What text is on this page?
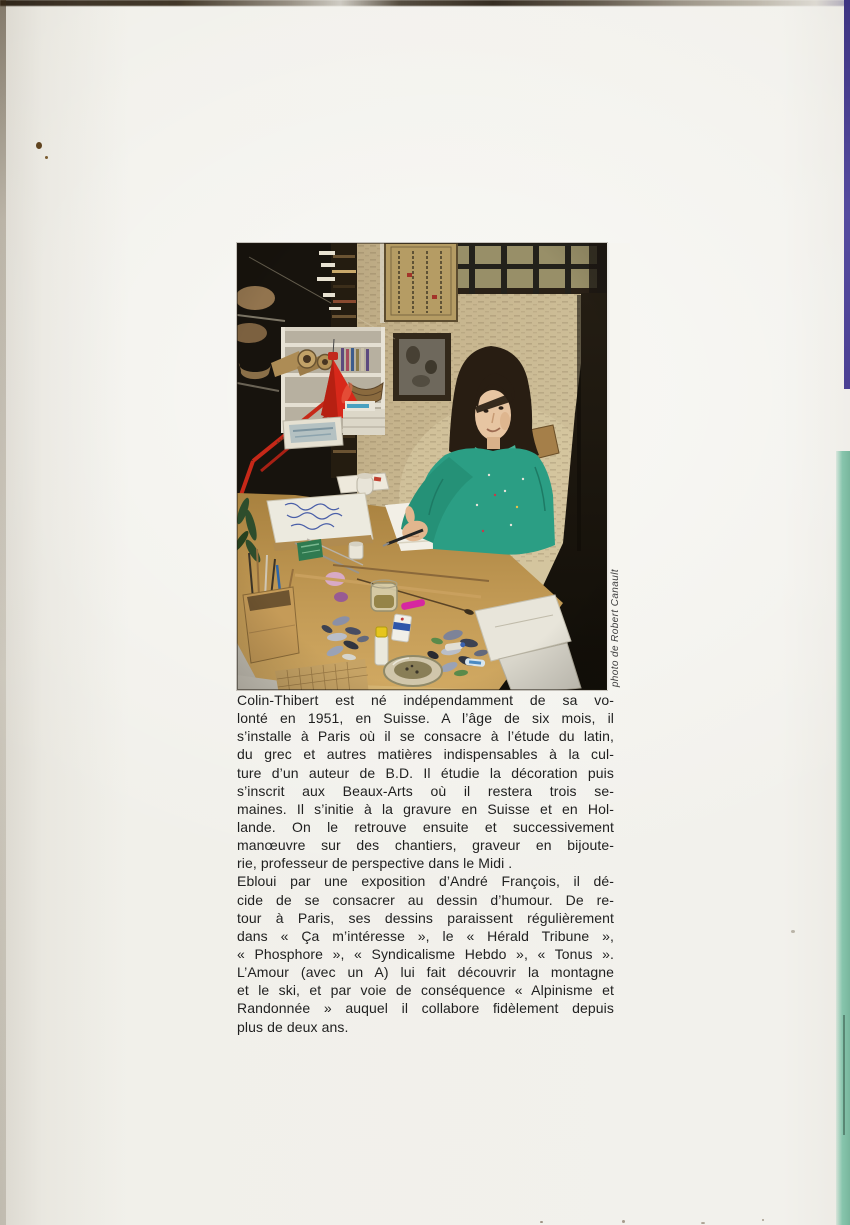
photo de Robert Canault
Colin-Thibert est né indépendamment de sa vo-
lonté en 1951, en Suisse. A l’âge de six mois, il
s’installe à Paris où il se consacre à l’étude du latin,
du grec et autres matières indispensables à la cul-
ture d’un auteur de B.D. Il étudie la décoration puis
s’inscrit aux Beaux-Arts où il restera trois se-
maines. Il s’initie à la gravure en Suisse et en Hol-
lande. On le retrouve ensuite et successivement
manœuvre sur des chantiers, graveur en bijoute-
rie, professeur de perspective dans le Midi .
Ebloui par une exposition d’André François, il dé-
cide de se consacrer au dessin d’humour. De re-
tour à Paris, ses dessins paraissent régulièrement
dans « Ça m’intéresse », le « Hérald Tribune »,
« Phosphore », « Syndicalisme Hebdo », « Tonus ».
L’Amour (avec un A) lui fait découvrir la montagne
et le ski, et par voie de conséquence « Alpinisme et
Randonnée » auquel il collabore fidèlement depuis
plus de deux ans.
